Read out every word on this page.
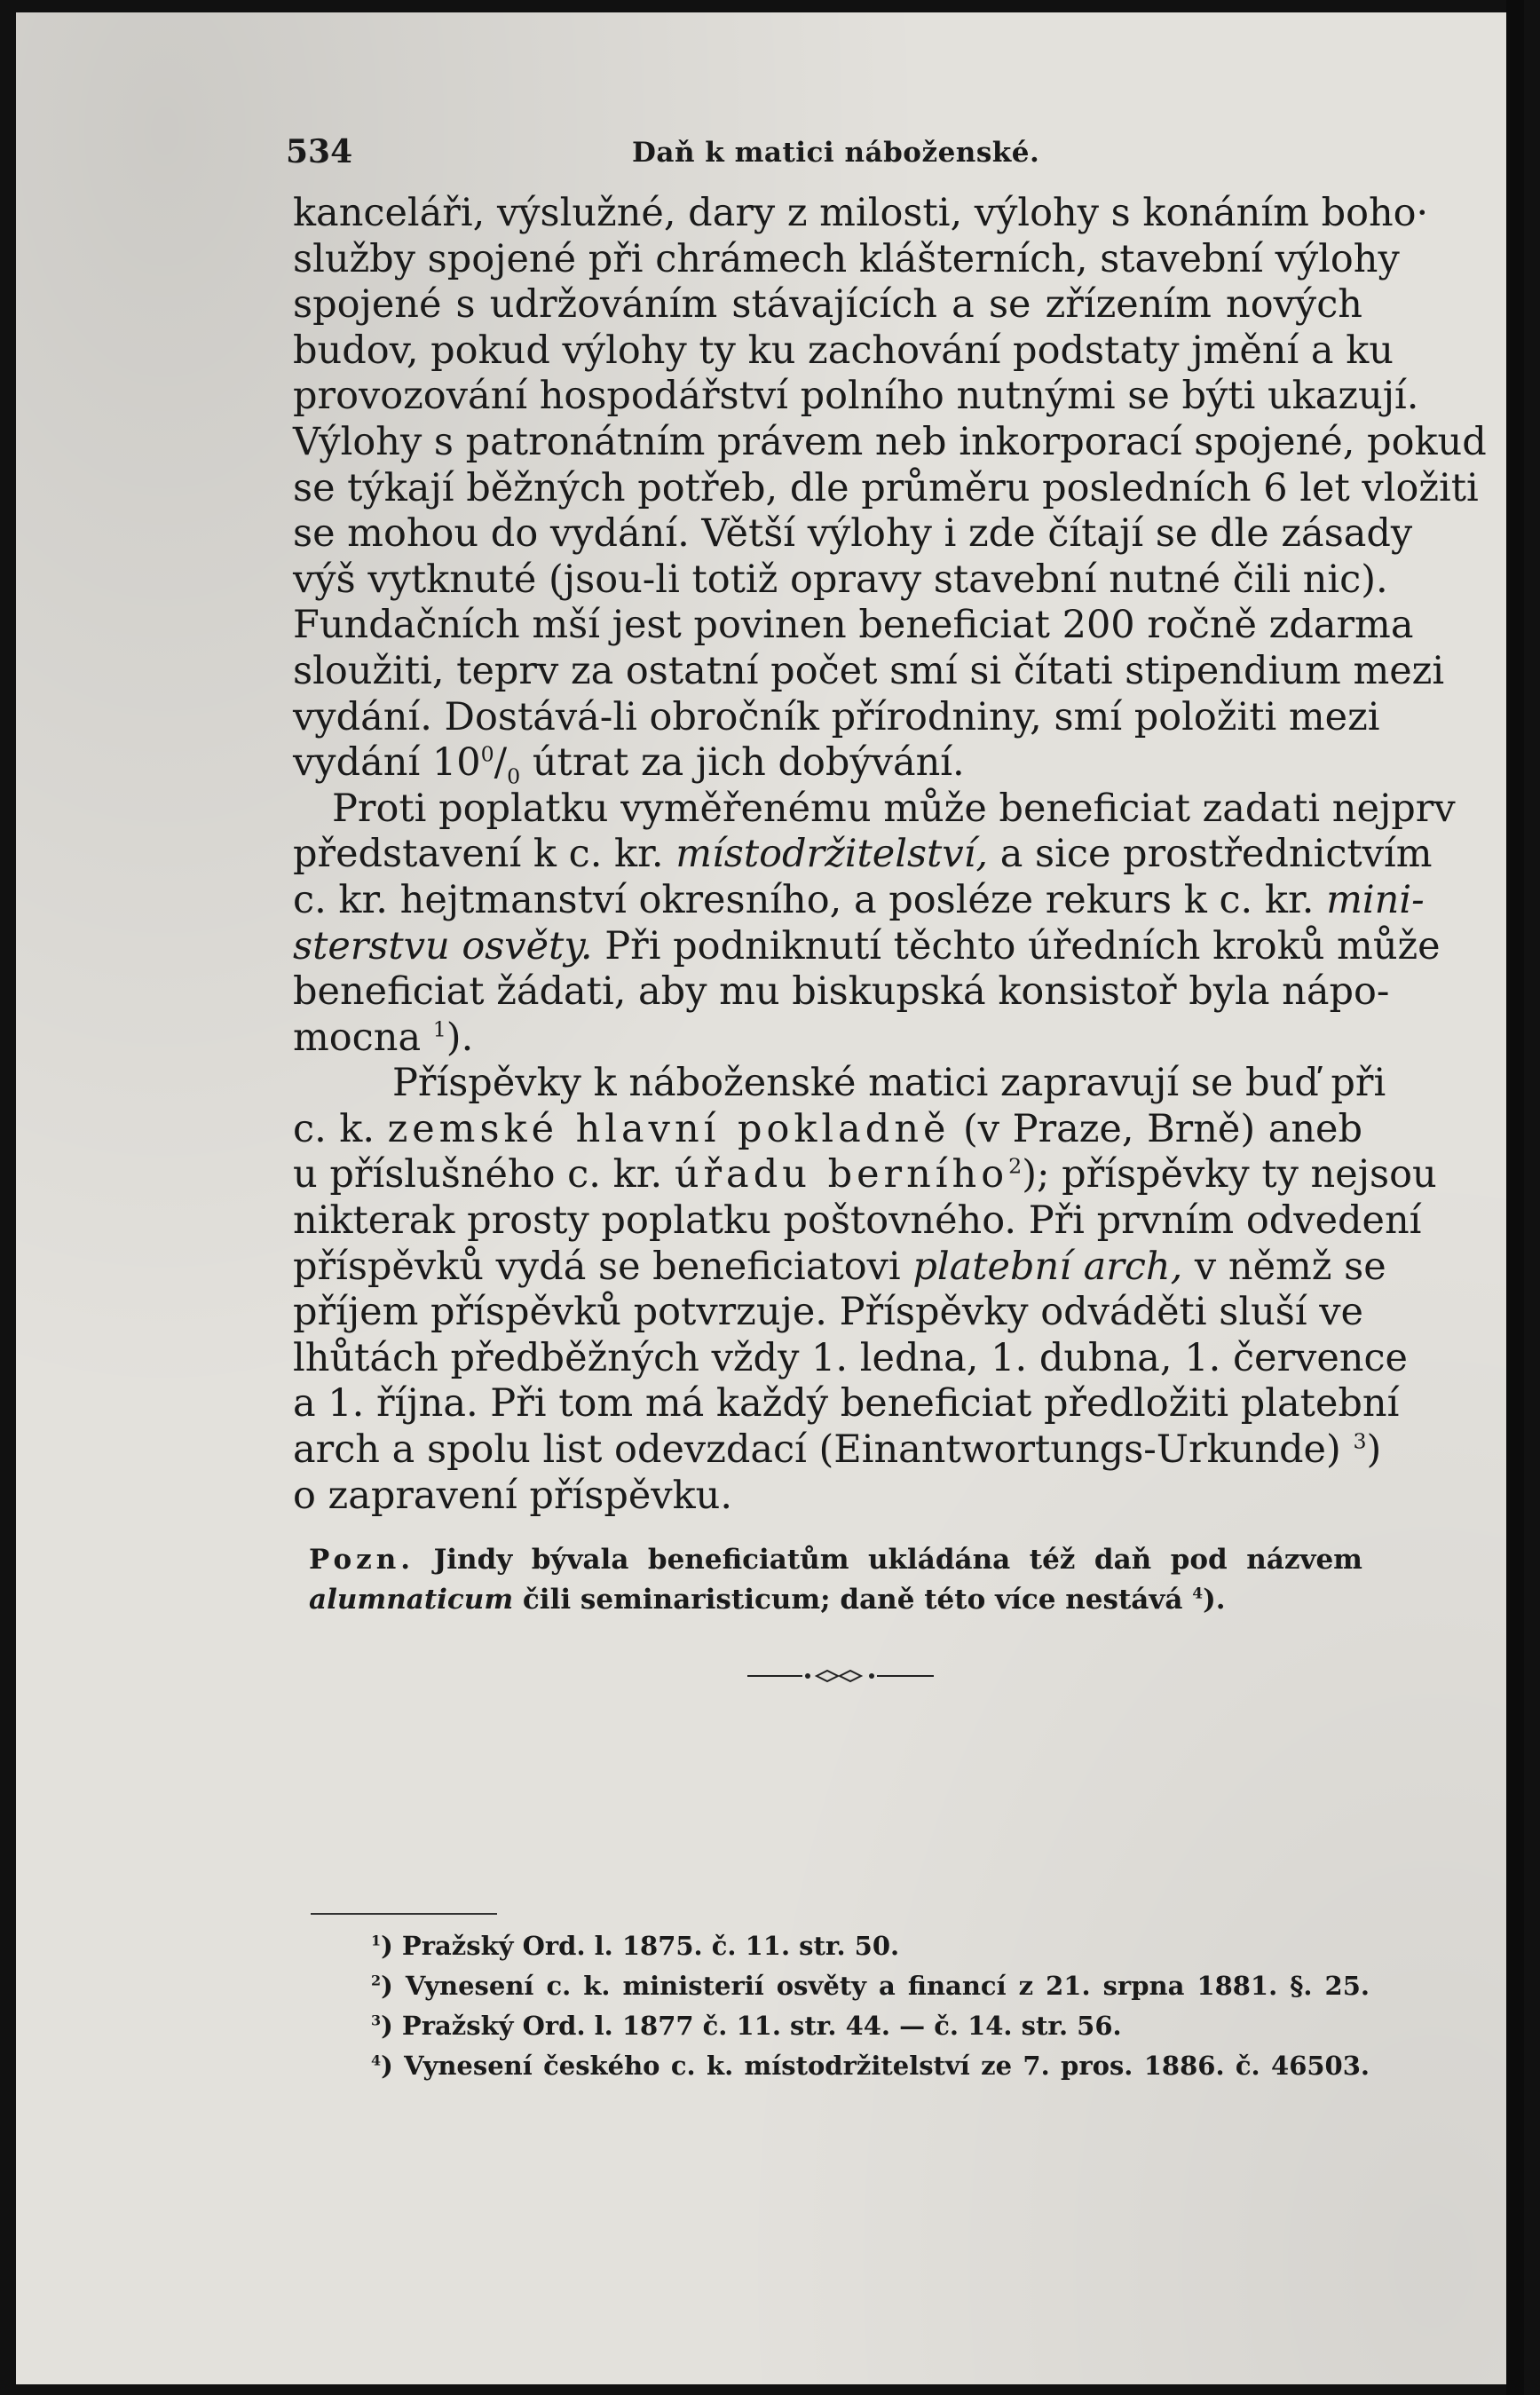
534	Daň k matici náboženské.
kanceláři, výslužné, dary z milosti, výlohy s konáním boho·
služby spojené při chrámech klášterních, stavební výlohy
spojené s udržováním stávajících a se zřízením nových
budov, pokud výlohy ty ku zachování podstaty jmění a ku
provozování hospodářství polního nutnými se býti ukazují.
Výlohy s patronátním právem neb inkorporací spojené, pokud
se týkají běžných potřeb, dle průměru posledních 6 let vložiti
se mohou do vydání. Větší výlohy i zde čítají se dle zásady
výš vytknuté (jsou-li totiž opravy stavební nutné čili nic).
Fundačních mší jest povinen beneficiat 200 ročně zdarma
sloužiti, teprv za ostatní počet smí si čítati stipendium mezi
vydání. Dostává-li obročník přírodniny, smí položiti mezi
vydání $10^0/_0$ útrat za jich dobývání.
Proti poplatku vyměřenému může beneficiat zadati nejprv
představení k c. kr. místodržitelství, a sice prostřednictvím
c. kr. hejtmanství okresního, a posléze rekurs k c. kr. mini-
sterstvu osvěty. Při podniknutí těchto úředních kroků může
beneficiat žádati, aby mu biskupská konsistoř byla nápo-
mocna $^1$).
Příspěvky k náboženské matici zapravují se buď při
c. k. zemské hlavní pokladně (v Praze, Brně) aneb
u příslušného c. kr. úřadu berního$^2$); příspěvky ty nejsou
nikterak prosty poplatku poštovného. Při prvním odvedení
příspěvků vydá se beneficiatovi platební arch, v němž se
příjem příspěvků potvrzuje. Příspěvky odváděti sluší ve
lhůtách předběžných vždy 1. ledna, 1. dubna, 1. července
a 1. října. Při tom má každý beneficiat předložiti platební
arch a spolu list odevzdací (Einantwortungs-Urkunde) $^3$)
o zapravení příspěvku.
Pozn. Jindy bývala beneficiatům ukládána též daň pod názvem
alumnaticum čili seminaristicum; daně této více nestává $^4$).
$^1$) Pražský Ord. l. 1875. č. 11. str. 50.
$^2$) Vynesení c. k. ministerií osvěty a financí z 21. srpna 1881. §. 25.
$^3$) Pražský Ord. l. 1877 č. 11. str. 44. — č. 14. str. 56.
$^4$) Vynesení českého c. k. místodržitelství ze 7. pros. 1886. č. 46503.
